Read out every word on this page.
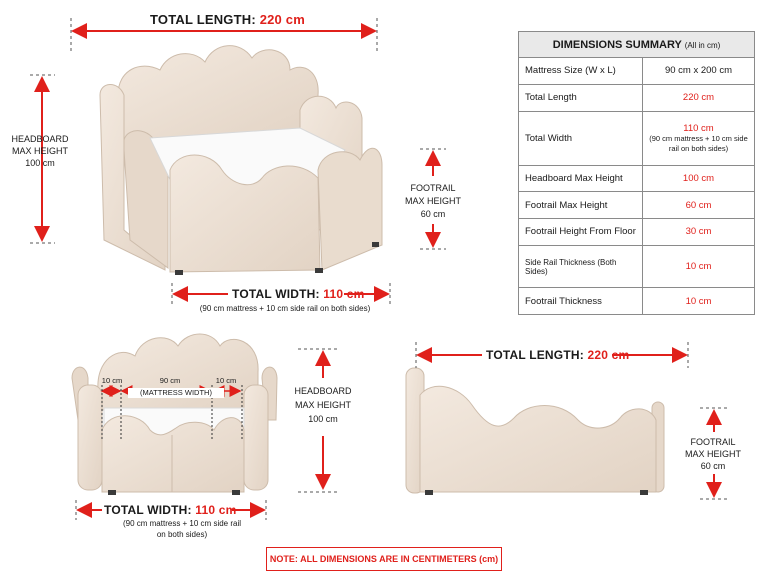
TOTAL LENGTH: 220 cm
HEADBOARD
MAX HEIGHT
100 cm
FOOTRAIL
MAX HEIGHT
60 cm
TOTAL WIDTH: 110 cm
(90 cm mattress + 10 cm side rail on both sides)
DIMENSIONS SUMMARY (All in cm)	
Mattress Size (W x L)	90 cm x 200 cm
Total Length	220 cm
Total Width	110 cm
(90 cm mattress + 10 cm side rail on both sides)

Headboard Max Height	100 cm
Footrail Max Height	60 cm
Footrail Height From Floor	30 cm
Side Rail Thickness (Both Sides)	10 cm
Footrail Thickness	10 cm
10 cm	90 cm
(MATTRESS WIDTH)
10 cm
HEADBOARD
MAX HEIGHT
100 cm
TOTAL WIDTH: 110 cm
(90 cm mattress + 10 cm side rail
on both sides)
TOTAL LENGTH: 220 cm
FOOTRAIL
MAX HEIGHT
60 cm
NOTE: ALL DIMENSIONS ARE IN CENTIMETERS (cm)
